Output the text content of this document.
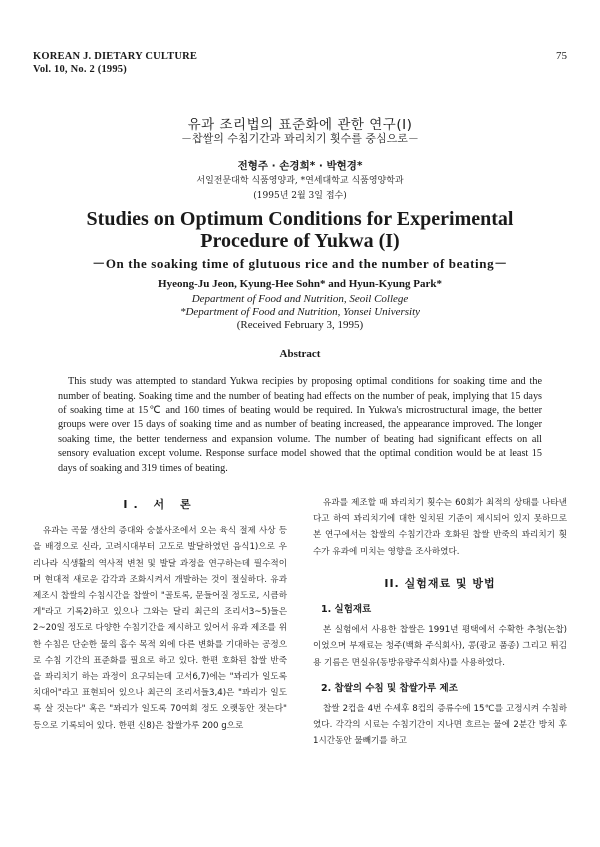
KOREAN J. DIETARY CULTURE
Vol. 10, No. 2 (1995)
75
유과 조리법의 표준화에 관한 연구(I)
－찹쌀의 수침기간과 꽈리치기 횟수를 중심으로－
전형주 · 손경희* · 박현경*
서일전문대학 식품영양과, *연세대학교 식품영양학과
(1995년 2월 3일 접수)
Studies on Optimum Conditions for Experimental
Procedure of Yukwa (I)
－On the soaking time of glutuous rice and the number of beating－
Hyeong-Ju Jeon, Kyung-Hee Sohn* and Hyun-Kyung Park*
Department of Food and Nutrition, Seoil College
*Department of Food and Nutrition, Yonsei University
(Received February 3, 1995)
Abstract

This study was attempted to standard Yukwa recipies by proposing optimal conditions for soaking time and the number of beating. Soaking time and the number of beating had effects on the number of peak, implying that 15 days of soaking time at 15℃ and 160 times of beating would be required. In Yukwa's microstructural image, the better groups were over 15 days of soaking time and as number of beating increased, the appearance improved. The longer soaking time, the better tenderness and expansion volume. The number of beating had significant effects on all sensory evaluation except volume. Response surface model showed that the optimal condition would be at least 15 days of soaking and 319 times of beating.

I. 서 론

유과는 곡물 생산의 증대와 숭불사조에서 오는 육식 절제 사상 등을 배경으로 신라, 고려시대부터 고도로 발달하였던 음식1)으로 우리나라 식생활의 역사적 변천 및 발달 과정을 연구하는데 필수적이며 현대적 새로운 감각과 조화시켜서 개발하는 것이 절실하다. 유과 제조시 찹쌀의 수침시간을 찹쌀이 "골토록, 문들어질 정도로, 시큼하게"라고 기록2)하고 있으나 그와는 달리 최근의 조리서3~5)들은 2~20일 정도로 다양한 수침기간을 제시하고 있어서 유과 제조를 위한 수침은 단순한 물의 흡수 목적 외에 다른 변화를 기대하는 공정으로 수침 기간의 표준화를 필요로 하고 있다. 한편 호화된 찹쌀 반죽을 꽈리치기 하는 과정이 요구되는데 고서6,7)에는 "꽈리가 일도록 치대어"라고 표현되어 있으나 최근의 조리서들3,4)은 "꽈리가 일도록 살 것는다" 혹은 "꽈리가 일도록 70여회 정도 오랫동안 젓는다" 등으로 기록되어 있다. 한편 신8)은 찹쌀가루 200 g으로

유과를 제조할 때 꽈리치기 횟수는 60회가 최적의 상태를 나타낸다고 하여 꽈리치기에 대한 일치된 기준이 제시되어 있지 못하므로 본 연구에서는 찹쌀의 수침기간과 호화된 찹쌀 반죽의 꽈리치기 횟수가 유과에 미치는 영향을 조사하였다.

II. 실험재료 및 방법
1. 실험재료

본 실험에서 사용한 찹쌀은 1991년 평택에서 수확한 추청(논찹)이었으며 부재료는 청주(백화 주식회사), 콩(광교 품종) 그리고 튀김용 기름은 면실유(동방유량주식회사)를 사용하였다.

2. 찹쌀의 수침 및 찹쌀가루 제조

찹쌀 2컵을 4번 수세후 8컵의 증류수에 15℃를 고정시켜 수침하였다. 각각의 시료는 수침기간이 지나면 흐르는 물에 2분간 방치 후 1시간동안 물빼기를 하고
